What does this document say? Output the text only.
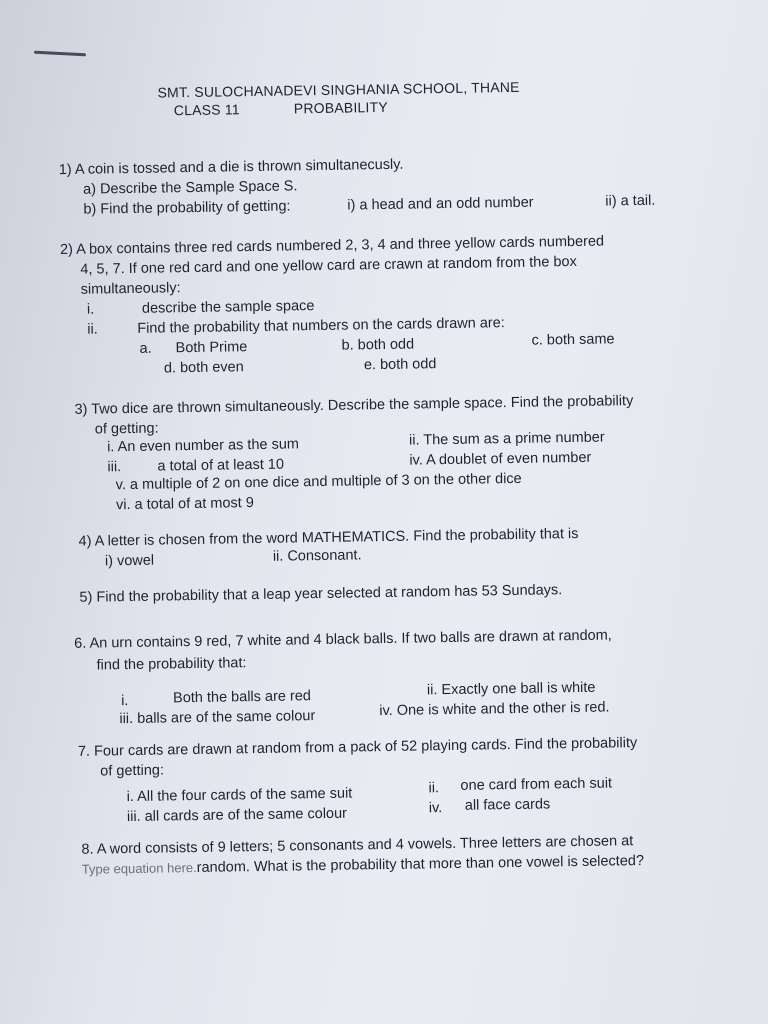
SMT. SULOCHANADEVI SINGHANIA SCHOOL, THANE
CLASS 11	PROBABILITY
1) A coin is tossed and a die is thrown simultanecusly.
a) Describe the Sample Space S.
b) Find the probability of getting:	i) a head and an odd number	ii) a tail.
2) A box contains three red cards numbered 2, 3, 4 and three yellow cards numbered
4, 5, 7. If one red card and one yellow card are crawn at random from the box
simultaneously:
i.	describe the sample space
ii.	Find the probability that numbers on the cards drawn are:
a. Both Prime	b. both odd	c. both same
d. both even	e. both odd
3) Two dice are thrown simultaneously. Describe the sample space. Find the probability
of getting:
i. An even number as the sum	ii. The sum as a prime number
iii. a total of at least 10	iv. A doublet of even number
v. a multiple of 2 on one dice and multiple of 3 on the other dice
vi. a total of at most 9
4) A letter is chosen from the word MATHEMATICS. Find the probability that is
i) vowel	ii. Consonant.
5) Find the probability that a leap year selected at random has 53 Sundays.
6. An urn contains 9 red, 7 white and 4 black balls. If two balls are drawn at random,
find the probability that:
i.	Both the balls are red	ii. Exactly one ball is white
iii. balls are of the same colour	iv. One is white and the other is red.
7. Four cards are drawn at random from a pack of 52 playing cards. Find the probability
of getting:
i. All the four cards of the same suit	ii. one card from each suit
iii. all cards are of the same colour	iv. all face cards
8. A word consists of 9 letters; 5 consonants and 4 vowels. Three letters are chosen at
Type equation here.random. What is the probability that more than one vowel is selected?
